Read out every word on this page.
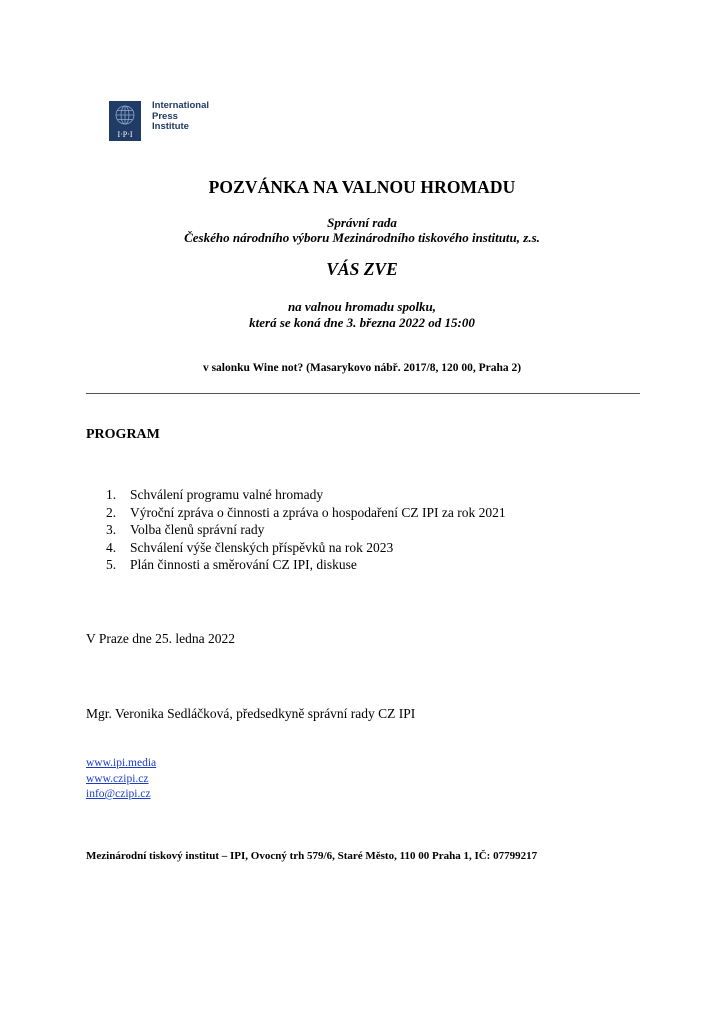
I·P·I
International
Press
Institute
POZVÁNKA NA VALNOU HROMADU
Správní rada
Českého národního výboru Mezinárodního tiskového institutu, z.s.
VÁS ZVE
na valnou hromadu spolku,
která se koná dne 3. března 2022 od 15:00
v salonku Wine not? (Masarykovo nábř. 2017/8, 120 00, Praha 2)
PROGRAM
1.	Schválení programu valné hromady
2.	Výroční zpráva o činnosti a zpráva o hospodaření CZ IPI za rok 2021
3.	Volba členů správní rady
4.	Schválení výše členských příspěvků na rok 2023
5.	Plán činnosti a směrování CZ IPI, diskuse
V Praze dne 25. ledna 2022
Mgr. Veronika Sedláčková, předsedkyně správní rady CZ IPI
www.ipi.media
www.czipi.cz
info@czipi.cz
Mezinárodní tiskový institut – IPI, Ovocný trh 579/6, Staré Město, 110 00 Praha 1, IČ: 07799217
